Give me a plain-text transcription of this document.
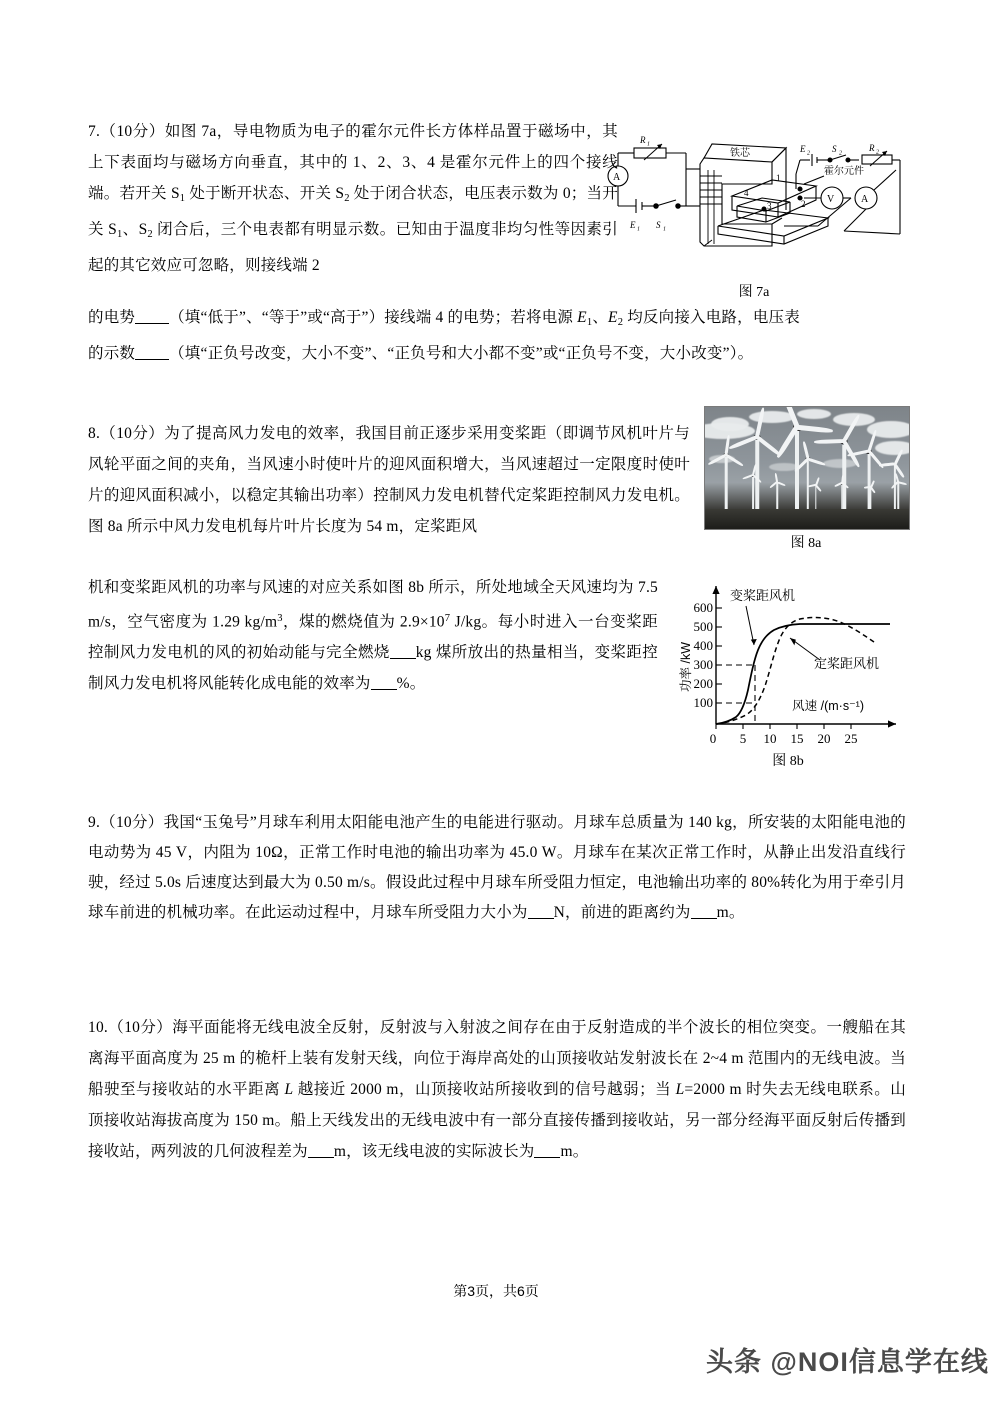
7.（10分）如图 7a，导电物质为电子的霍尔元件长方体样品置于磁场中，其上下表面均与磁场方向垂直，其中的 1、2、3、4 是霍尔元件上的四个接线端。若开关 $S_1$ 处于断开状态、开关 $S_2$ 处于闭合状态，电压表示数为 0；当开关 $S_1$、$S_2$ 闭合后，三个电表都有明显示数。已知由于温度非均匀性等因素引起的其它效应可忽略，则接线端 2

的电势 （填“低于”、“等于”或“高于”）接线端 4 的电势；若将电源 $E_1$、$E_2$ 均反向接入电路，电压表

的示数 （填“正负号改变，大小不变”、“正负号和大小都不变”或“正负号不变，大小改变”）。

R 1
A
E 1 S 1
铁芯	E 2 S 2
R 2
霍尔元件
V	A
1
2
3
4
图 7a

8.（10分）为了提高风力发电的效率，我国目前正逐步采用变桨距（即调节风机叶片与风轮平面之间的夹角，当风速小时使叶片的迎风面积增大，当风速超过一定限度时使叶片的迎风面积减小，以稳定其输出功率）控制风力发电机替代定桨距控制风力发电机。图 8a 所示中风力发电机每片叶片长度为 54 m，定桨距风

机和变桨距风机的功率与风速的对应关系如图 8b 所示，所处地域全天风速均为 7.5 m/s，空气密度为 1.29 $kg/m^3$，煤的燃烧值为 $2.9\times 10^7$ J/kg。每小时进入一台变桨距控制风力发电机的风的初始动能与完全燃烧 kg 煤所放出的热量相当，变桨距控制风力发电机将风能转化成电能的效率为 %。

图 8a
600
500
400
300
200
100
0 5 10 15 20 25
功率 /kW
风速 /(m·s⁻¹)
变桨距风机
定桨距风机
图 8b

9.（10分）我国“玉兔号”月球车利用太阳能电池产生的电能进行驱动。月球车总质量为 140 kg，所安装的太阳能电池的电动势为 45 V，内阻为 10Ω，正常工作时电池的输出功率为 45.0 W。月球车在某次正常工作时，从静止出发沿直线行驶，经过 5.0s 后速度达到最大为 0.50 m/s。假设此过程中月球车所受阻力恒定，电池输出功率的 80%转化为用于牵引月球车前进的机械功率。在此运动过程中，月球车所受阻力大小为 N，前进的距离约为 m。

10.（10分）海平面能将无线电波全反射，反射波与入射波之间存在由于反射造成的半个波长的相位突变。一艘船在其离海平面高度为 25 m 的桅杆上装有发射天线，向位于海岸高处的山顶接收站发射波长在 2~4 m 范围内的无线电波。当船驶至与接收站的水平距离 L 越接近 2000 m，山顶接收站所接收到的信号越弱；当 L=2000 m 时失去无线电联系。山顶接收站海拔高度为 150 m。船上天线发出的无线电波中有一部分直接传播到接收站，另一部分经海平面反射后传播到接收站，两列波的几何波程差为 m，该无线电波的实际波长为 m。

第3页，共6页
头条 @NOI信息学在线
